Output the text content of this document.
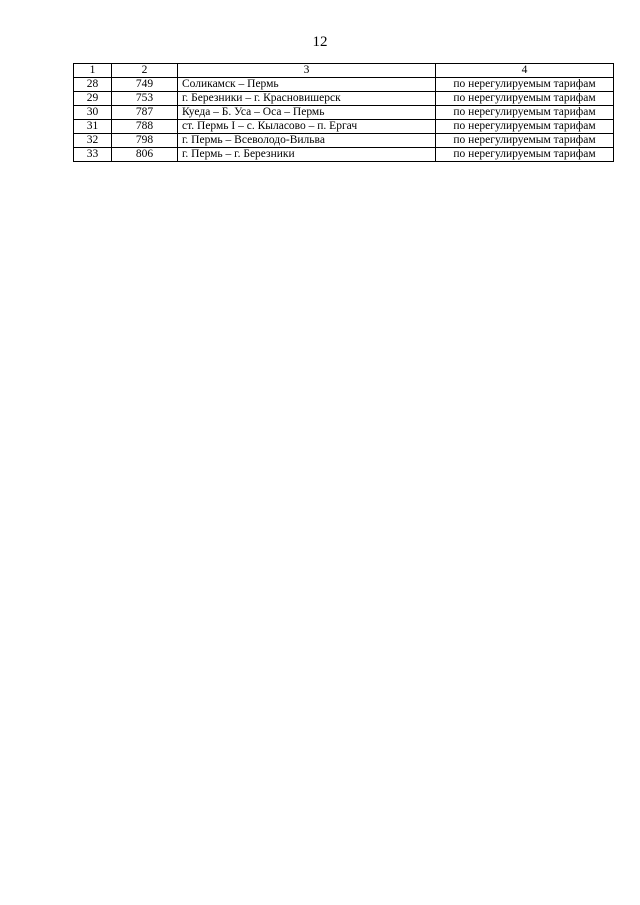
12
1	2	3	4
28	749	Соликамск – Пермь	по нерегулируемым тарифам
29	753	г. Березники – г. Красновишерск	по нерегулируемым тарифам
30	787	Куеда – Б. Уса – Оса – Пермь	по нерегулируемым тарифам
31	788	ст. Пермь I – с. Кыласово – п. Ергач	по нерегулируемым тарифам
32	798	г. Пермь – Всеволодо-Вильва	по нерегулируемым тарифам
33	806	г. Пермь – г. Березники	по нерегулируемым тарифам
